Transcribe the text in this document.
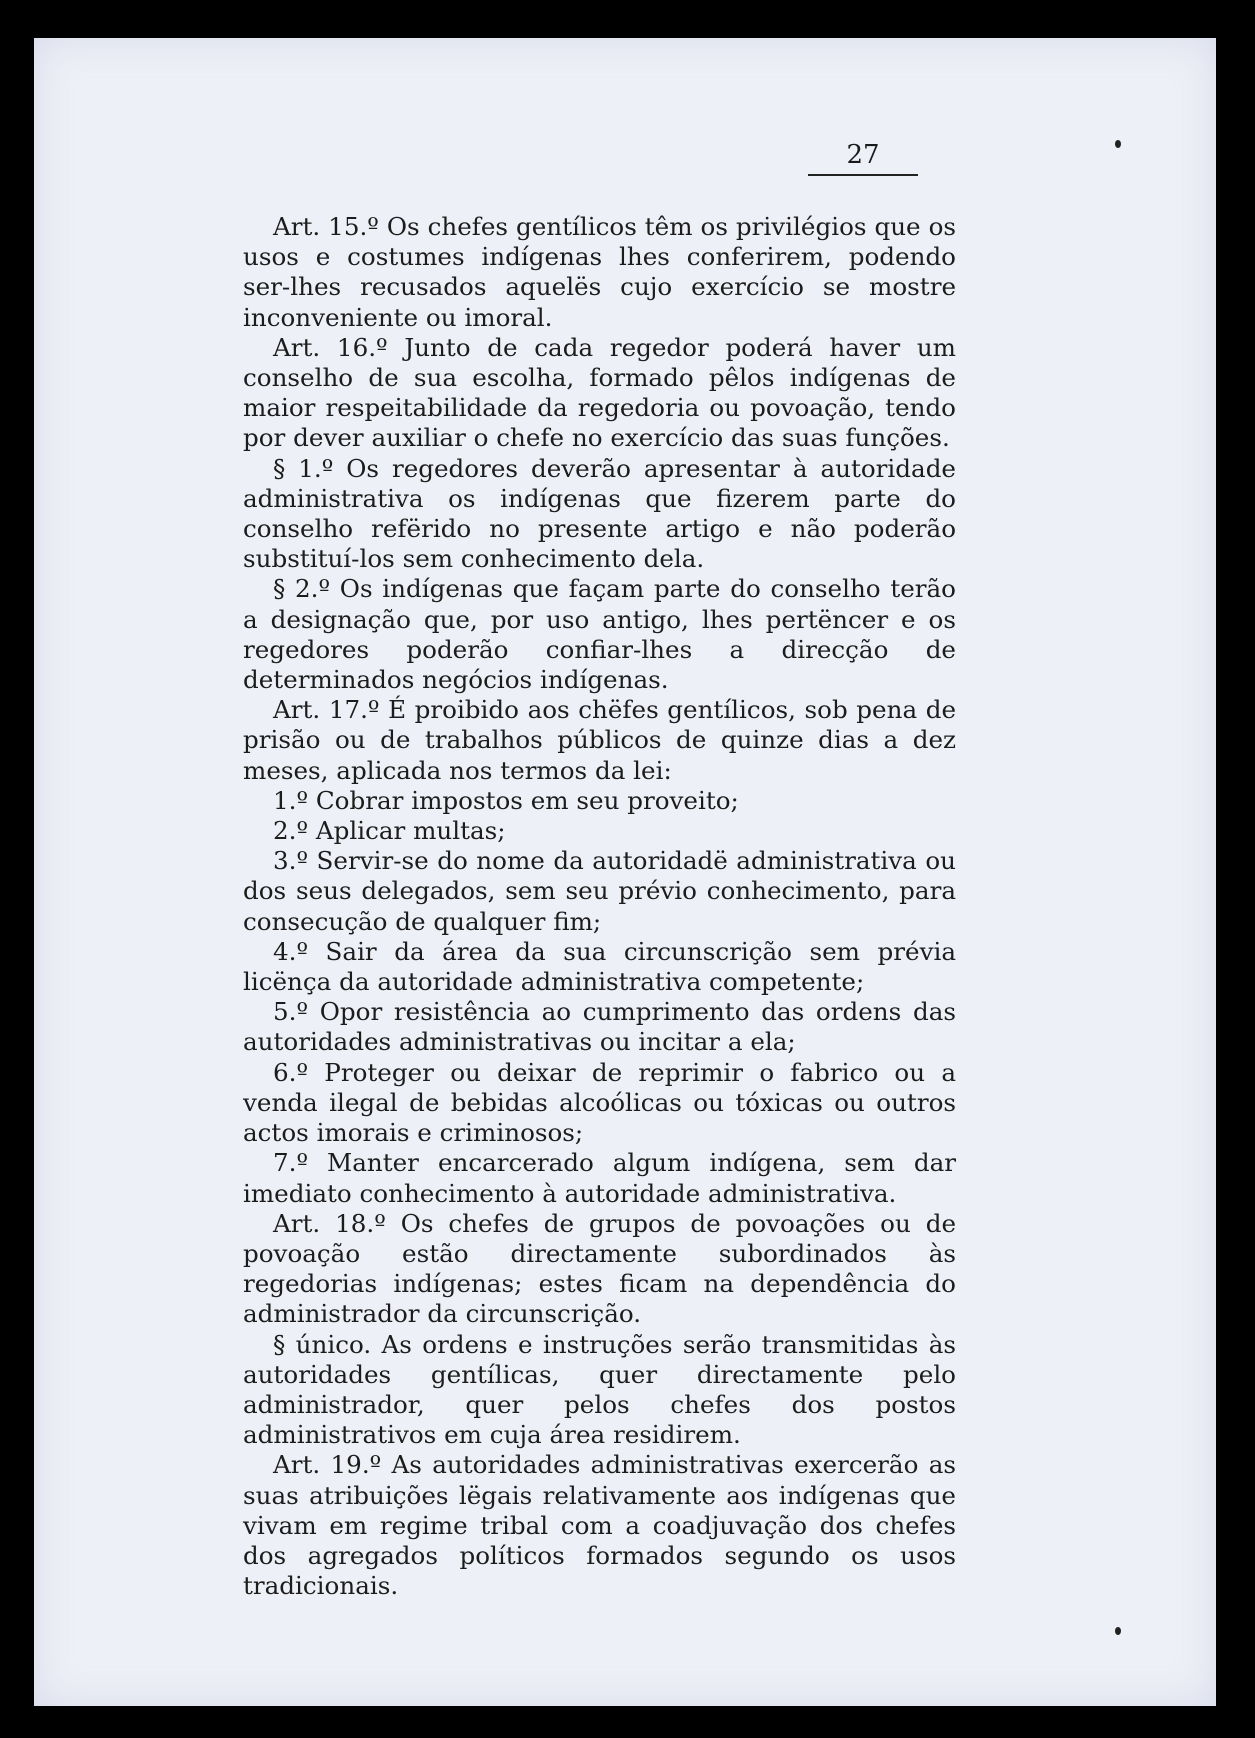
27

Art. 15.º Os chefes gentílicos têm os privilégios que os usos e costumes indígenas lhes conferirem, podendo ser-lhes recusados aquelës cujo exercício se mostre inconveniente ou imoral.

Art. 16.º Junto de cada regedor poderá haver um conselho de sua escolha, formado pêlos indígenas de maior respeitabilidade da regedoria ou povoação, tendo por dever auxiliar o chefe no exercício das suas funções.

§ 1.º Os regedores deverão apresentar à autoridade administrativa os indígenas que fizerem parte do conselho refërido no presente artigo e não poderão substituí-los sem conhecimento dela.

§ 2.º Os indígenas que façam parte do conselho terão a designação que, por uso antigo, lhes pertëncer e os regedores poderão confiar-lhes a direcção de determinados negócios indígenas.

Art. 17.º É proibido aos chëfes gentílicos, sob pena de prisão ou de trabalhos públicos de quinze dias a dez meses, aplicada nos termos da lei:

1.º Cobrar impostos em seu proveito;

2.º Aplicar multas;

3.º Servir-se do nome da autoridadë administrativa ou dos seus delegados, sem seu prévio conhecimento, para consecução de qualquer fim;

4.º Sair da área da sua circunscrição sem prévia licënça da autoridade administrativa competente;

5.º Opor resistência ao cumprimento das ordens das autoridades administrativas ou incitar a ela;

6.º Proteger ou deixar de reprimir o fabrico ou a venda ilegal de bebidas alcoólicas ou tóxicas ou outros actos imorais e criminosos;

7.º Manter encarcerado algum indígena, sem dar imediato conhecimento à autoridade administrativa.

Art. 18.º Os chefes de grupos de povoações ou de povoação estão directamente subordinados às regedorias indígenas; estes ficam na dependência do administrador da circunscrição.

§ único. As ordens e instruções serão transmitidas às autoridades gentílicas, quer directamente pelo administrador, quer pelos chefes dos postos administrativos em cuja área residirem.

Art. 19.º As autoridades administrativas exercerão as suas atribuições lëgais relativamente aos indígenas que vivam em regime tribal com a coadjuvação dos chefes dos agregados políticos formados segundo os usos tradicionais.
